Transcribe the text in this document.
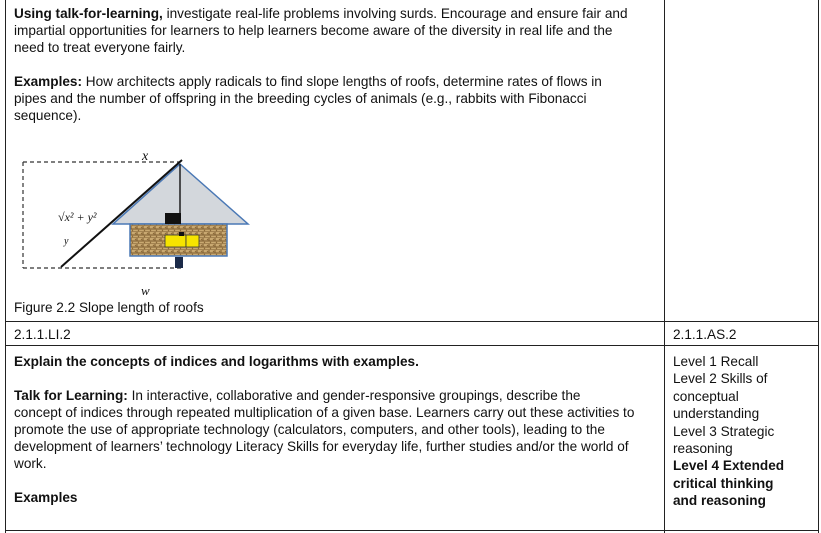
Using talk-for-learning, investigate real-life problems involving surds. Encourage and ensure fair and
impartial opportunities for learners to help learners become aware of the diversity in real life and the
need to treat everyone fairly.

Examples: How architects apply radicals to find slope lengths of roofs, determine rates of flows in
pipes and the number of offspring in the breeding cycles of animals (e.g., rabbits with Fibonacci
sequence).

x
√x² + y²
y
w
Figure 2.2 Slope length of roofs
2.1.1.LI.2	2.1.1.AS.2

Explain the concepts of indices and logarithms with examples.

Talk for Learning: In interactive, collaborative and gender-responsive groupings, describe the
concept of indices through repeated multiplication of a given base. Learners carry out these activities to
promote the use of appropriate technology (calculators, computers, and other tools), leading to the
development of learners’ technology Literacy Skills for everyday life, further studies and/or the world of
work.

Examples

Level 1 Recall
Level 2 Skills of
conceptual
understanding
Level 3 Strategic
reasoning
Level 4 Extended
critical thinking
and reasoning
